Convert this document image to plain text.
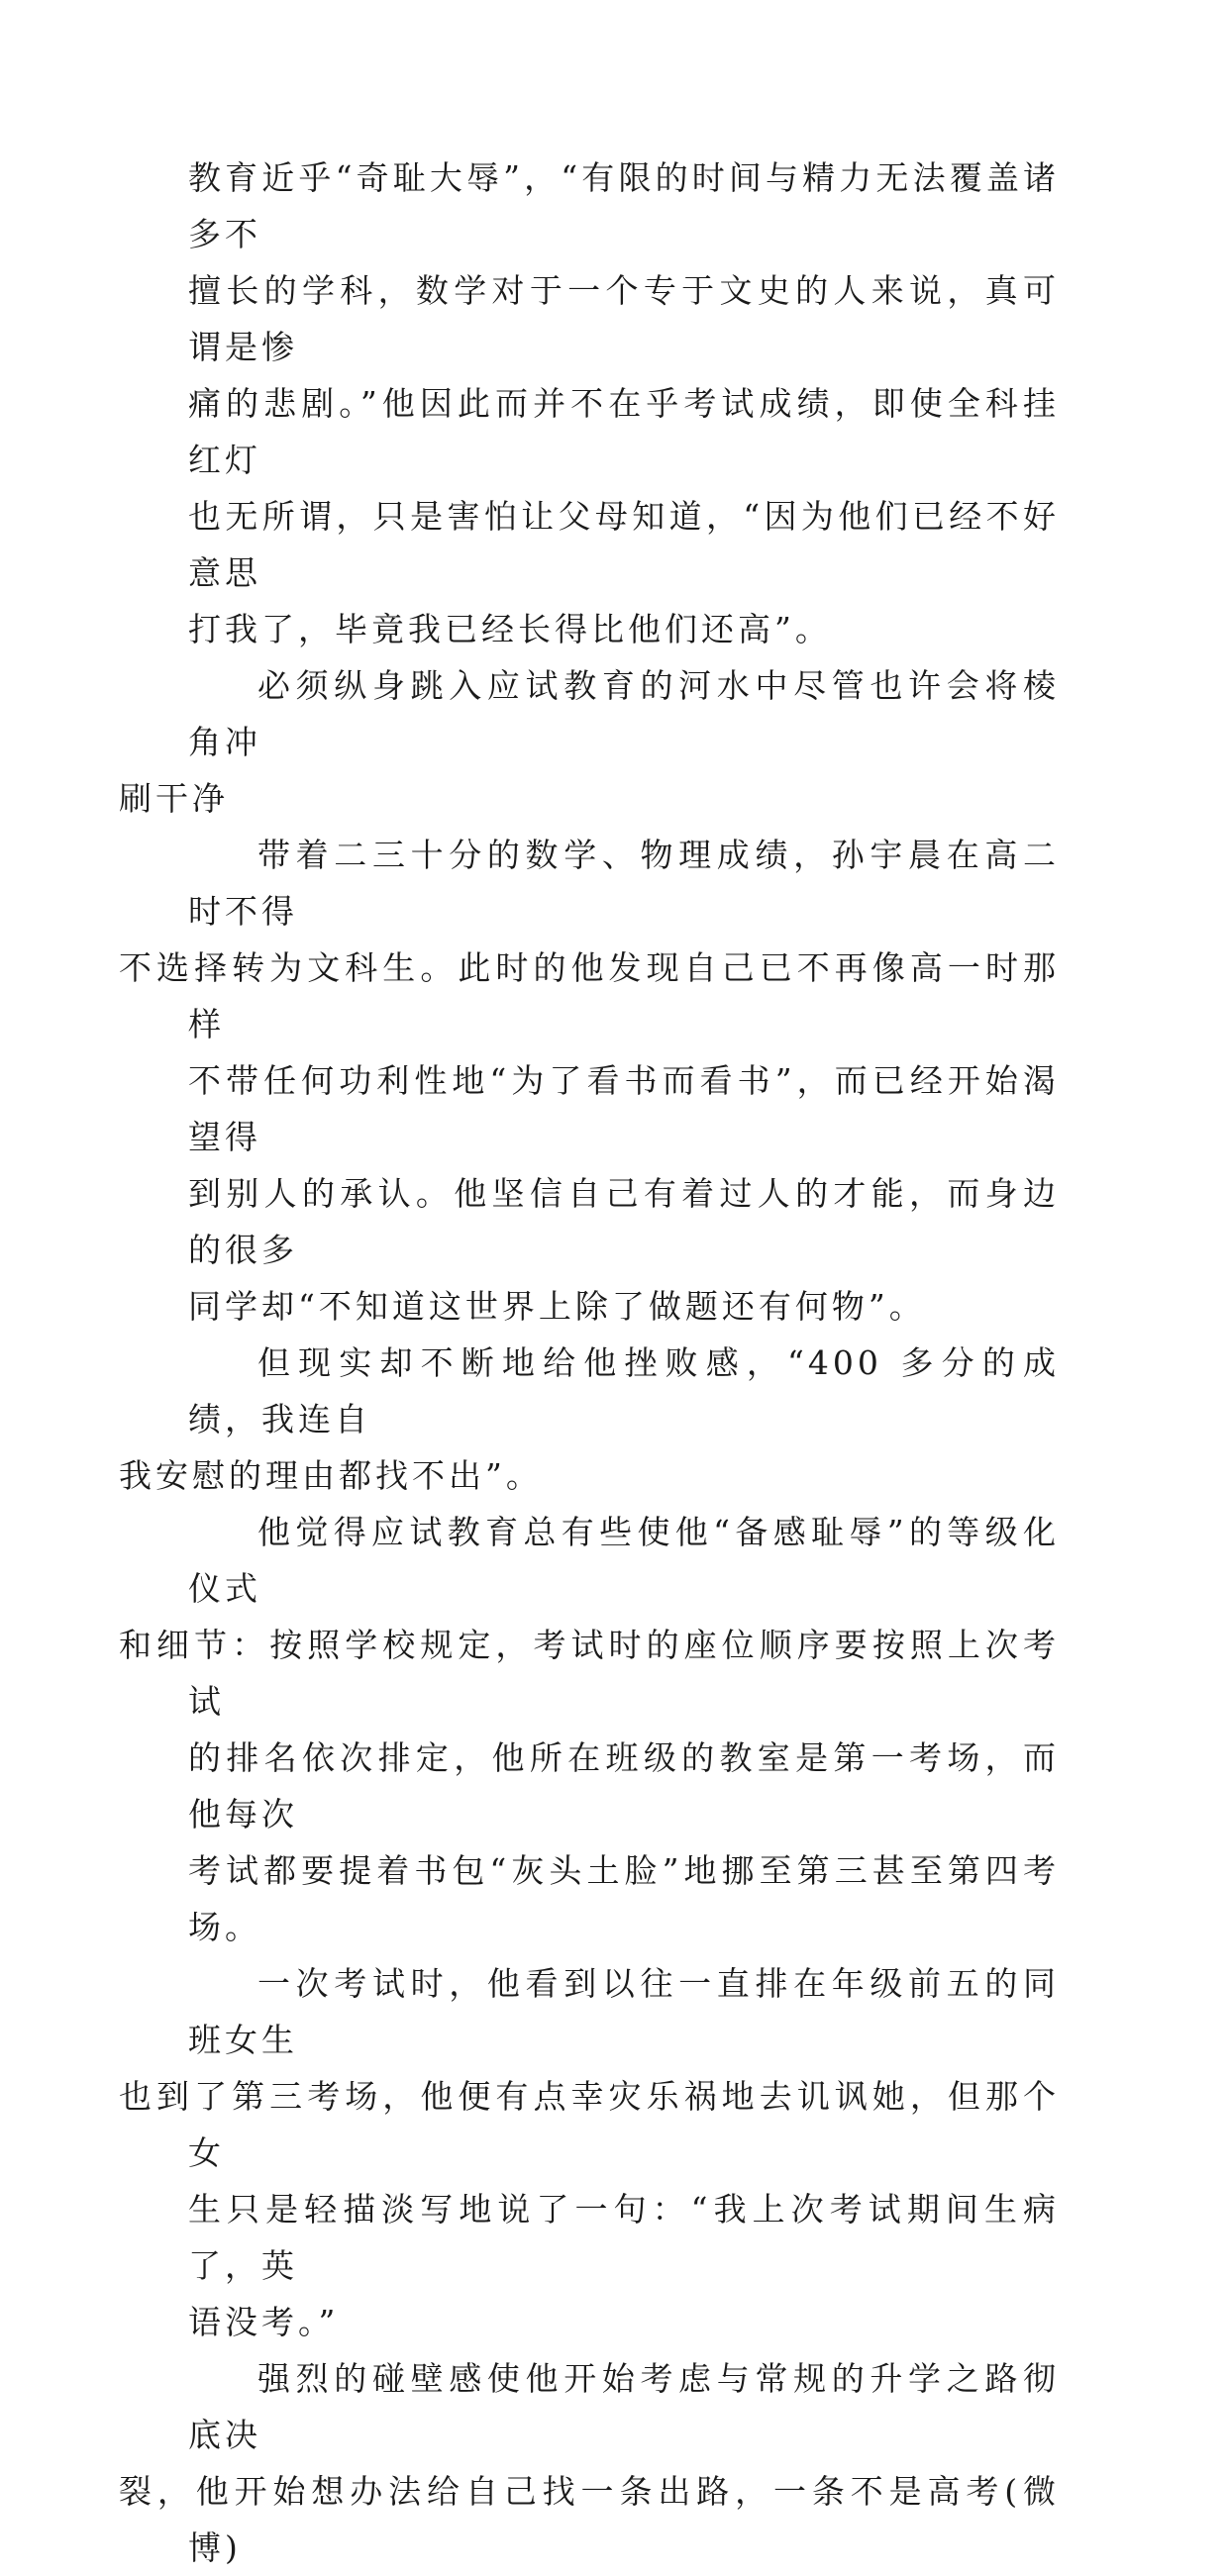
教育近乎“奇耻大辱”，“有限的时间与精力无法覆盖诸多不
擅长的学科，数学对于一个专于文史的人来说，真可谓是惨
痛的悲剧。”他因此而并不在乎考试成绩，即使全科挂红灯
也无所谓，只是害怕让父母知道，“因为他们已经不好意思
打我了，毕竟我已经长得比他们还高”。

必须纵身跳入应试教育的河水中尽管也许会将棱角冲
刷干净

带着二三十分的数学、物理成绩，孙宇晨在高二时不得
不选择转为文科生。此时的他发现自己已不再像高一时那样
不带任何功利性地“为了看书而看书”，而已经开始渴望得
到别人的承认。他坚信自己有着过人的才能，而身边的很多
同学却“不知道这世界上除了做题还有何物”。

但现实却不断地给他挫败感，“400 多分的成绩，我连自
我安慰的理由都找不出”。

他觉得应试教育总有些使他“备感耻辱”的等级化仪式
和细节：按照学校规定，考试时的座位顺序要按照上次考试
的排名依次排定，他所在班级的教室是第一考场，而他每次
考试都要提着书包“灰头土脸”地挪至第三甚至第四考场。

一次考试时，他看到以往一直排在年级前五的同班女生
也到了第三考场，他便有点幸灾乐祸地去讥讽她，但那个女
生只是轻描淡写地说了一句：“我上次考试期间生病了，英
语没考。”

强烈的碰壁感使他开始考虑与常规的升学之路彻底决
裂，他开始想办法给自己找一条出路，一条不是高考(微博)
